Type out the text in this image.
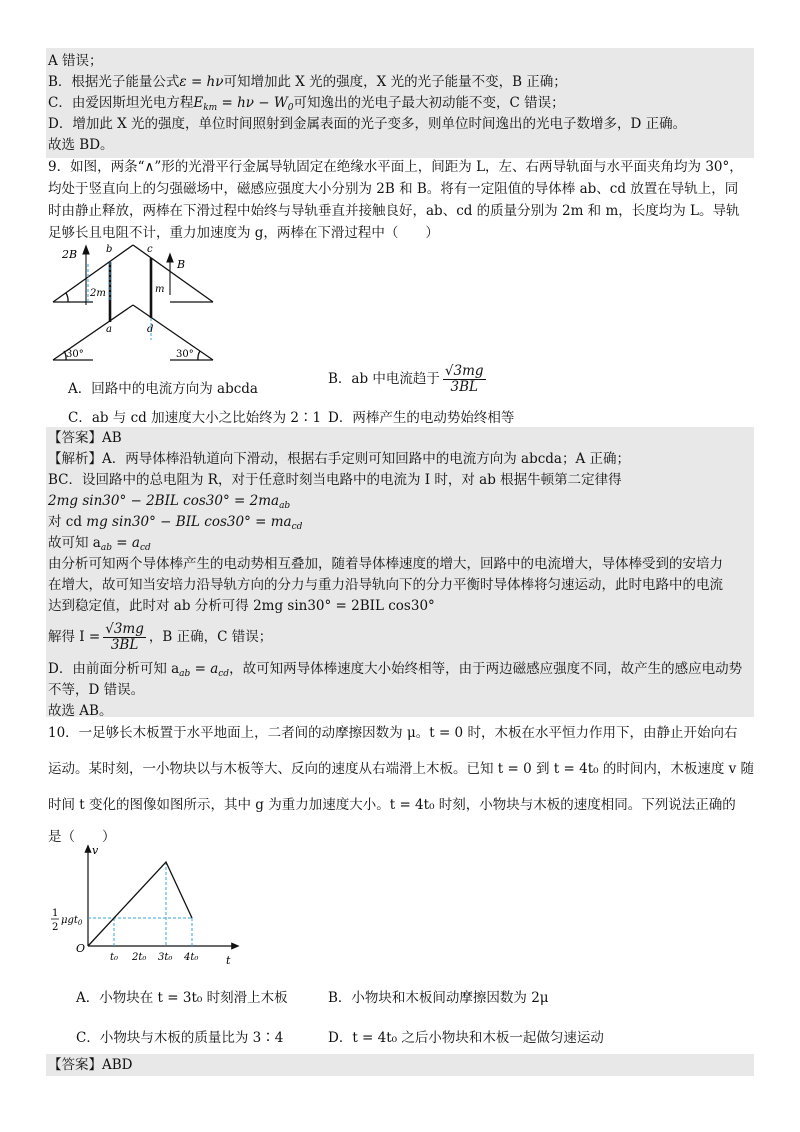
A 错误；
B．根据光子能量公式ε = hν可知增加此 X 光的强度，X 光的光子能量不变，B 正确；
C．由爱因斯坦光电方程$E_{km} = h\nu - W_0$可知逸出的光电子最大初动能不变，C 错误；
D．增加此 X 光的强度，单位时间照射到金属表面的光子变多，则单位时间逸出的光电子数增多，D 正确。
故选 BD。
9．如图，两条“∧”形的光滑平行金属导轨固定在绝缘水平面上，间距为 L，左、右两导轨面与水平面夹角均为 30°，
均处于竖直向上的匀强磁场中，磁感应强度大小分别为 2B 和 B。将有一定阻值的导体棒 ab、cd 放置在导轨上，同
时由静止释放，两棒在下滑过程中始终与导轨垂直并接触良好，ab、cd 的质量分别为 2m 和 m，长度均为 L。导轨
足够长且电阻不计，重力加速度为 g，两棒在下滑过程中（　　）
2B
B
b	c
a	d
2m	m
30°	30°
A．回路中的电流方向为 abcda
B．ab 中电流趋于 $\frac{√3mg}{3BL}$
C．ab 与 cd 加速度大小之比始终为 2∶1 D．两棒产生的电动势始终相等
【答案】AB
【解析】A．两导体棒沿轨道向下滑动，根据右手定则可知回路中的电流方向为 abcda；A 正确；
BC．设回路中的总电阻为 R，对于任意时刻当电路中的电流为 I 时，对 ab 根据牛顿第二定律得
2mg sin30° − 2BIL $\cos 30^\circ = 2ma_{ab}$
对 cd mg sin30° − BIL $\cos 30^\circ = ma_{cd}$
故可知 $a_{ab} = a_{cd}$
由分析可知两个导体棒产生的电动势相互叠加，随着导体棒速度的增大，回路中的电流增大，导体棒受到的安培力
在增大，故可知当安培力沿导轨方向的分力与重力沿导轨向下的分力平衡时导体棒将匀速运动，此时电路中的电流
达到稳定值，此时对 ab 分析可得 2mg sin30° = 2BIL cos30°
解得 $I = \frac{√3mg}{3BL}$ ，B 正确，C 错误；
D．由前面分析可知 $a_{ab} = a_{cd}$，故可知两导体棒速度大小始终相等，由于两边磁感应强度不同，故产生的感应电动势
不等，D 错误。
故选 AB。
10．一足够长木板置于水平地面上，二者间的动摩擦因数为 μ。t = 0 时，木板在水平恒力作用下，由静止开始向右
运动。某时刻，一小物块以与木板等大、反向的速度从右端滑上木板。已知 t = 0 到 t = 4t₀ 的时间内，木板速度 v 随
时间 t 变化的图像如图所示，其中 g 为重力加速度大小。t = 4t₀ 时刻，小物块与木板的速度相同。下列说法正确的
是（　　）
v
t
O
1
2
μgt$_0$
t₀ 2t₀ 3t₀ 4t₀
A．小物块在 t = 3t₀ 时刻滑上木板	B．小物块和木板间动摩擦因数为 2μ
C．小物块与木板的质量比为 3∶4	D．t = 4t₀ 之后小物块和木板一起做匀速运动
【答案】ABD
